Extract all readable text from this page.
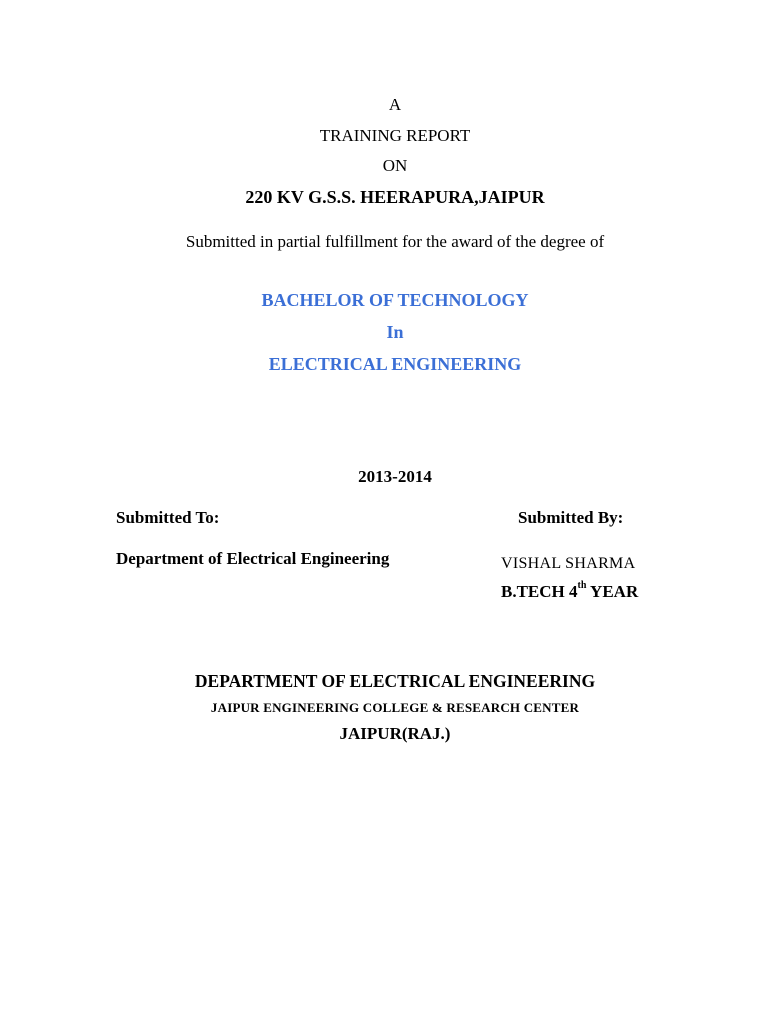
A
TRAINING REPORT
ON
220 KV G.S.S. HEERAPURA,JAIPUR
Submitted in partial fulfillment for the award of the degree of
BACHELOR OF TECHNOLOGY
In
ELECTRICAL ENGINEERING
2013-2014
Submitted To:
Department of Electrical Engineering
Submitted By:
VISHAL SHARMA
B.TECH 4th YEAR
DEPARTMENT OF ELECTRICAL ENGINEERING
JAIPUR ENGINEERING COLLEGE & RESEARCH CENTER
JAIPUR(RAJ.)
